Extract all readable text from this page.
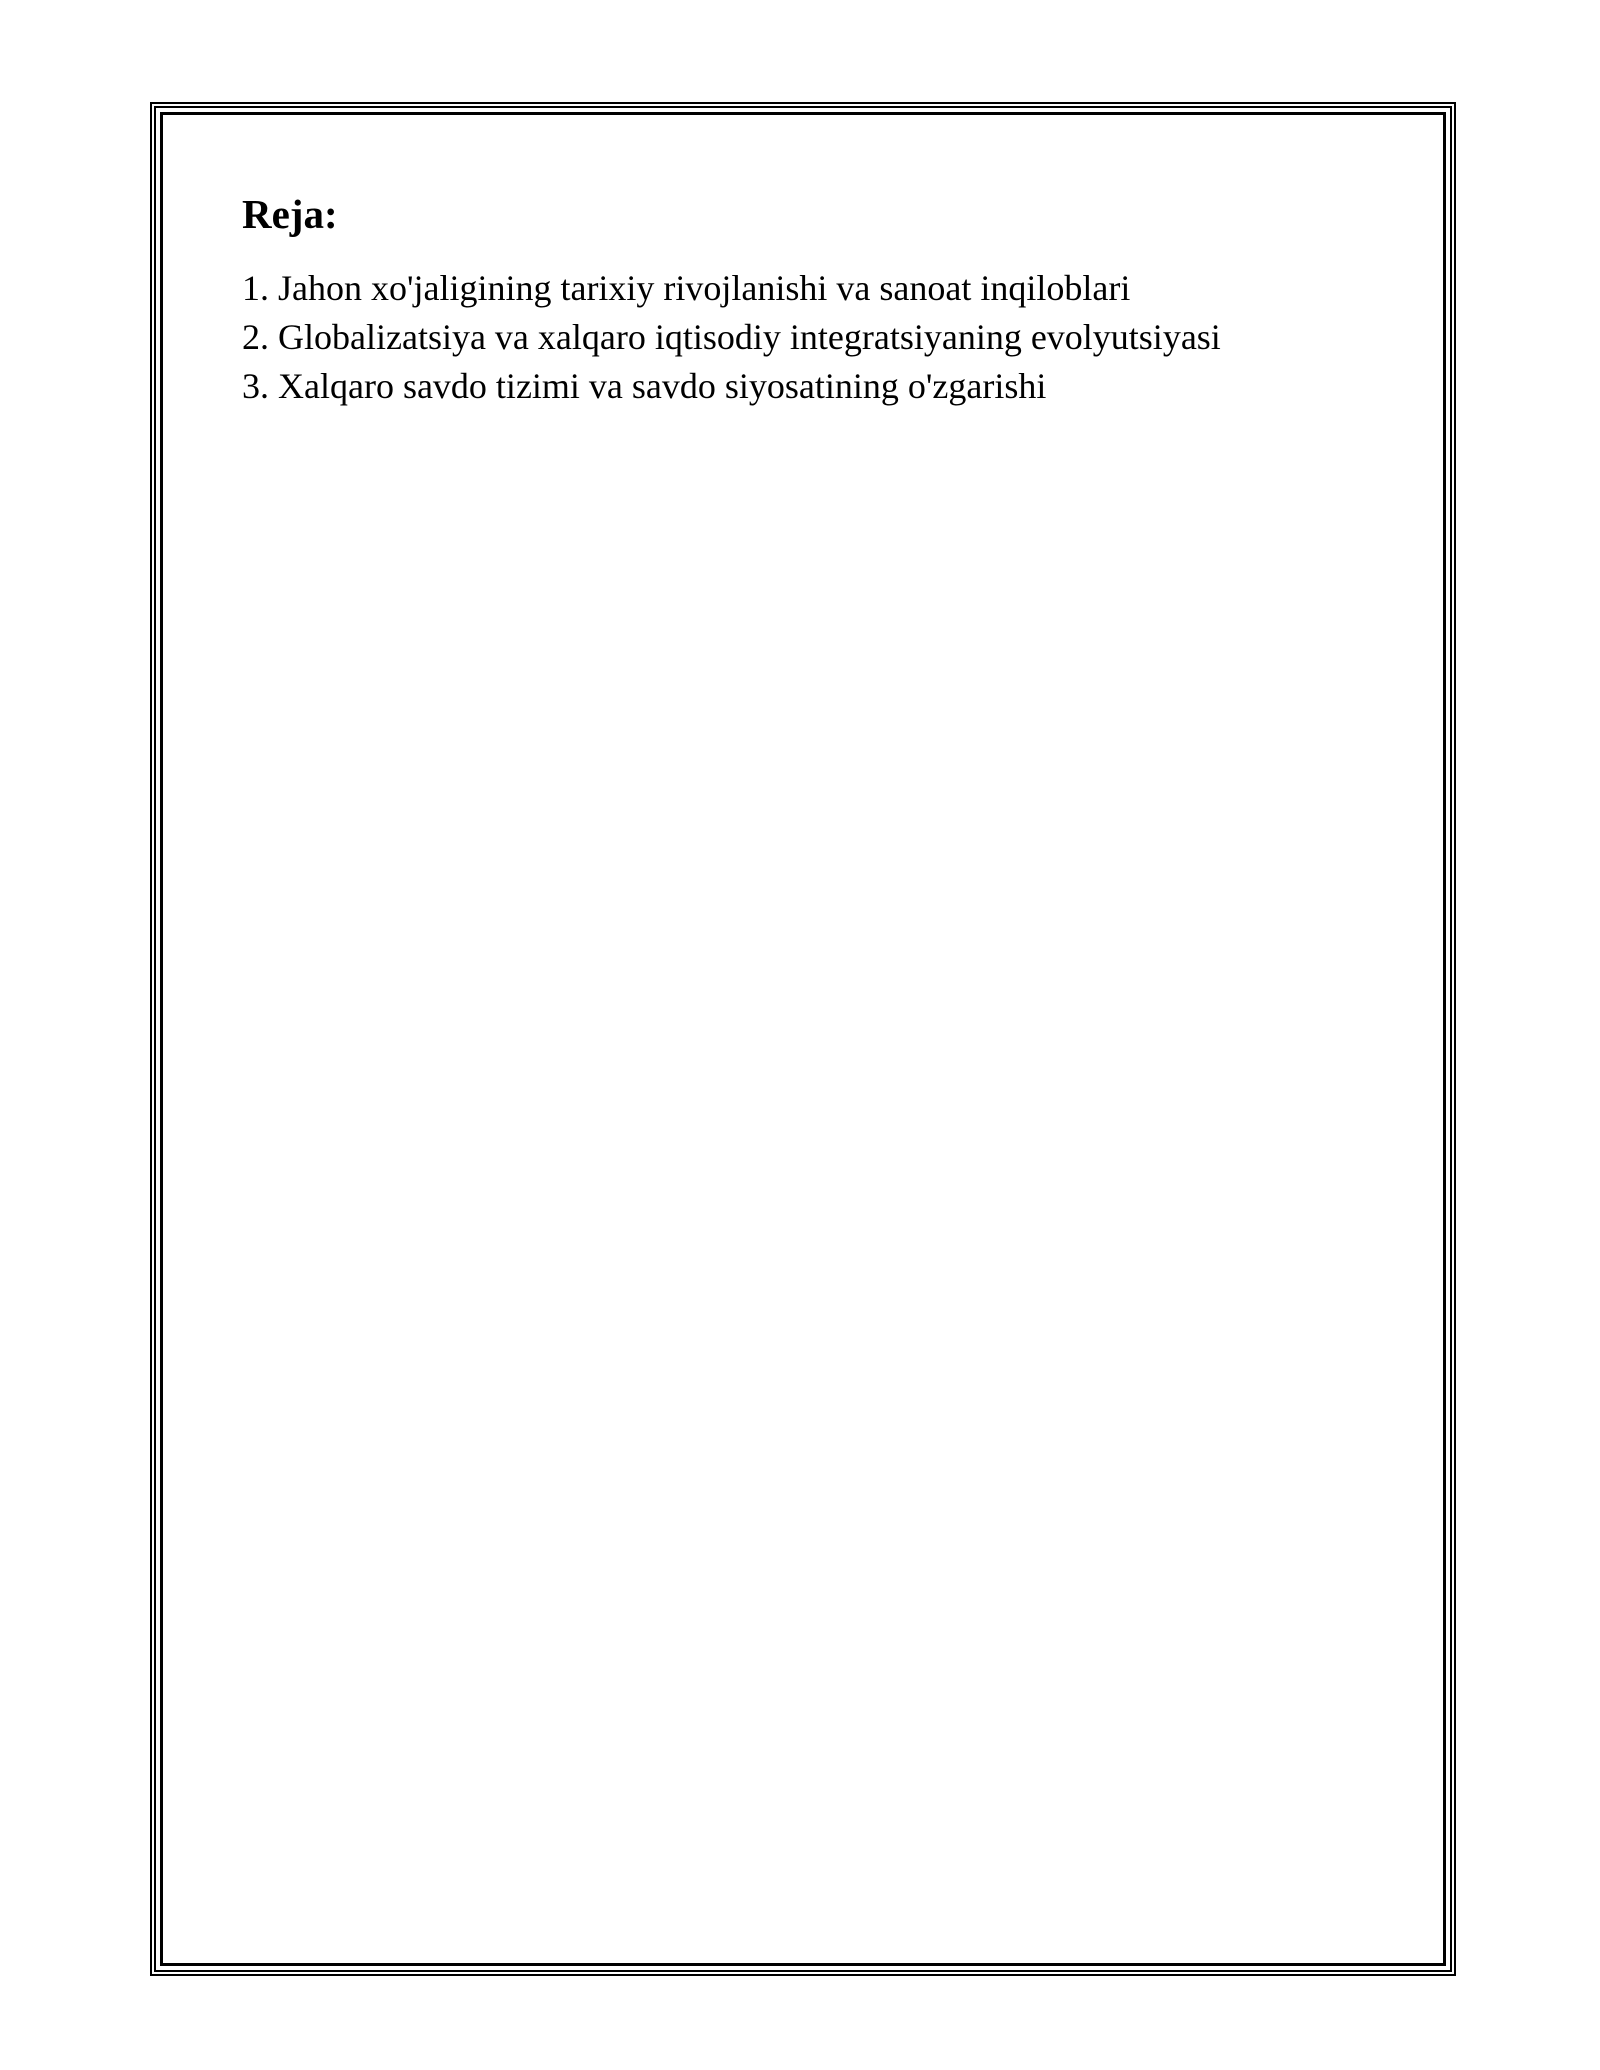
Reja:
1. Jahon xo'jaligining tarixiy rivojlanishi va sanoat inqiloblari
2. Globalizatsiya va xalqaro iqtisodiy integratsiyaning evolyutsiyasi
3. Xalqaro savdo tizimi va savdo siyosatining o'zgarishi
